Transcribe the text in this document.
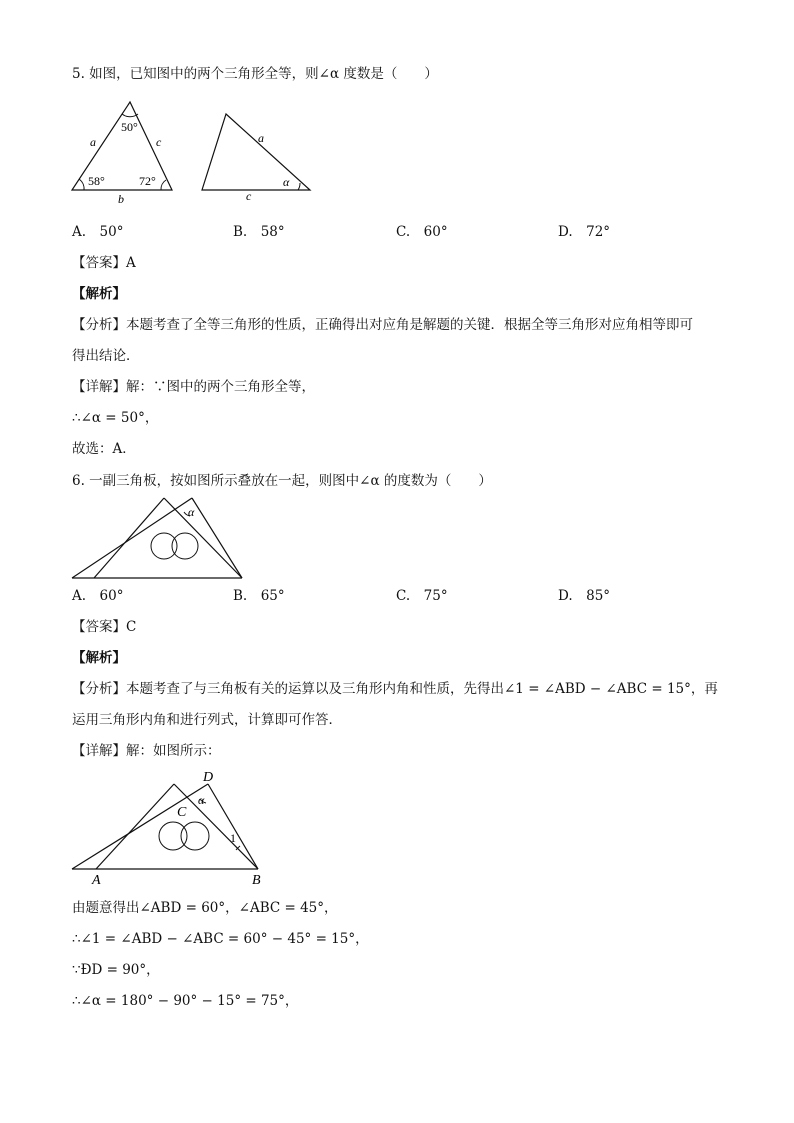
5. 如图，已知图中的两个三角形全等，则∠α 度数是（　　）
50°
a	c
58°	72°
b
a
α
c
A.　50°	B.　58°	C.　60°	D.　72°
【答案】A
【解析】
【分析】本题考查了全等三角形的性质，正确得出对应角是解题的关键．根据全等三角形对应角相等即可
得出结论．
【详解】解：∵图中的两个三角形全等，
∴∠α = 50°，
故选：A．
6. 一副三角板，按如图所示叠放在一起，则图中∠α 的度数为（　　）
α
A.　60°	B.　65°	C.　75°	D.　85°
【答案】C
【解析】
【分析】本题考查了与三角板有关的运算以及三角形内角和性质，先得出∠1 = ∠ABD − ∠ABC = 15°，再
运用三角形内角和进行列式，计算即可作答．
【详解】解：如图所示：
D
α
C
1
A	B
由题意得出∠ABD = 60°，∠ABC = 45°，
∴∠1 = ∠ABD − ∠ABC = 60° − 45° = 15°，
∵ÐD = 90°，
∴∠α = 180° − 90° − 15° = 75°，
